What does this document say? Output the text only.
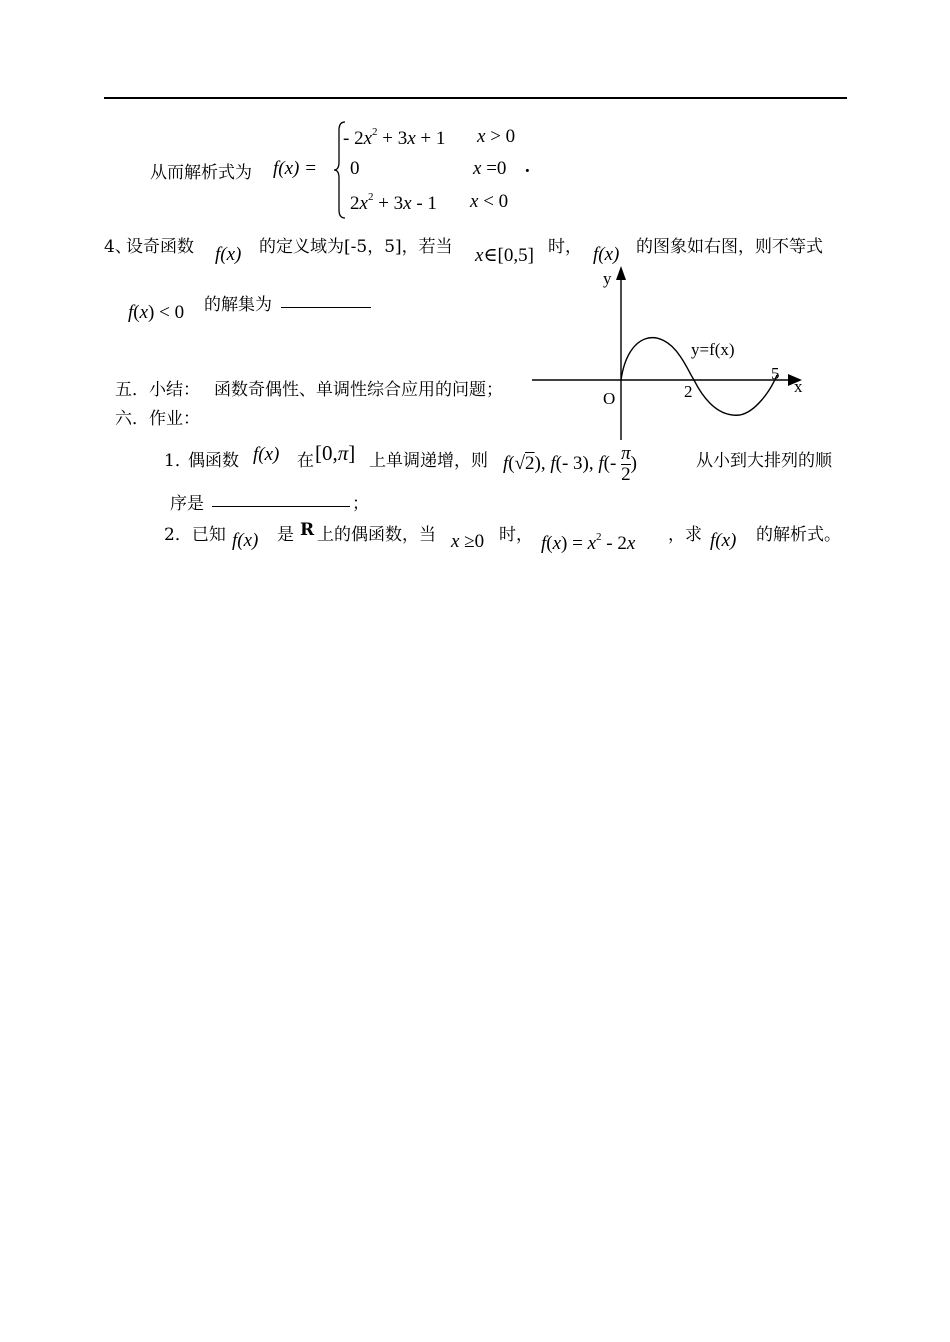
从而解析式为 f(x) =
- $2x^2 + 3x + 1$ x > 0
0	x =0 .
$2x^2 + 3x - 1$ x < 0
4、
设奇函数 f(x) 的定义域为[-5，5]，若当 x∈[0,5] 时， f(x) 的图象如右图，则不等式
f(x) < 0 的解集为
y
x
O
y=f(x)
2
5
五．小结： 函数奇偶性、单调性综合应用的问题；
六．作业：
1．
偶函数 f(x) 在 [0,π] 上单调递增，则 f(√2), f(- 3), $f(- \frac{\pi}{2}$ )	从小到大排列的顺
序是	；
2．已知 f(x) 是 R 上的偶函数，当 x ≥0 时， $f(x) = x^2 - 2x$ ，求 f(x) 的解析式。
